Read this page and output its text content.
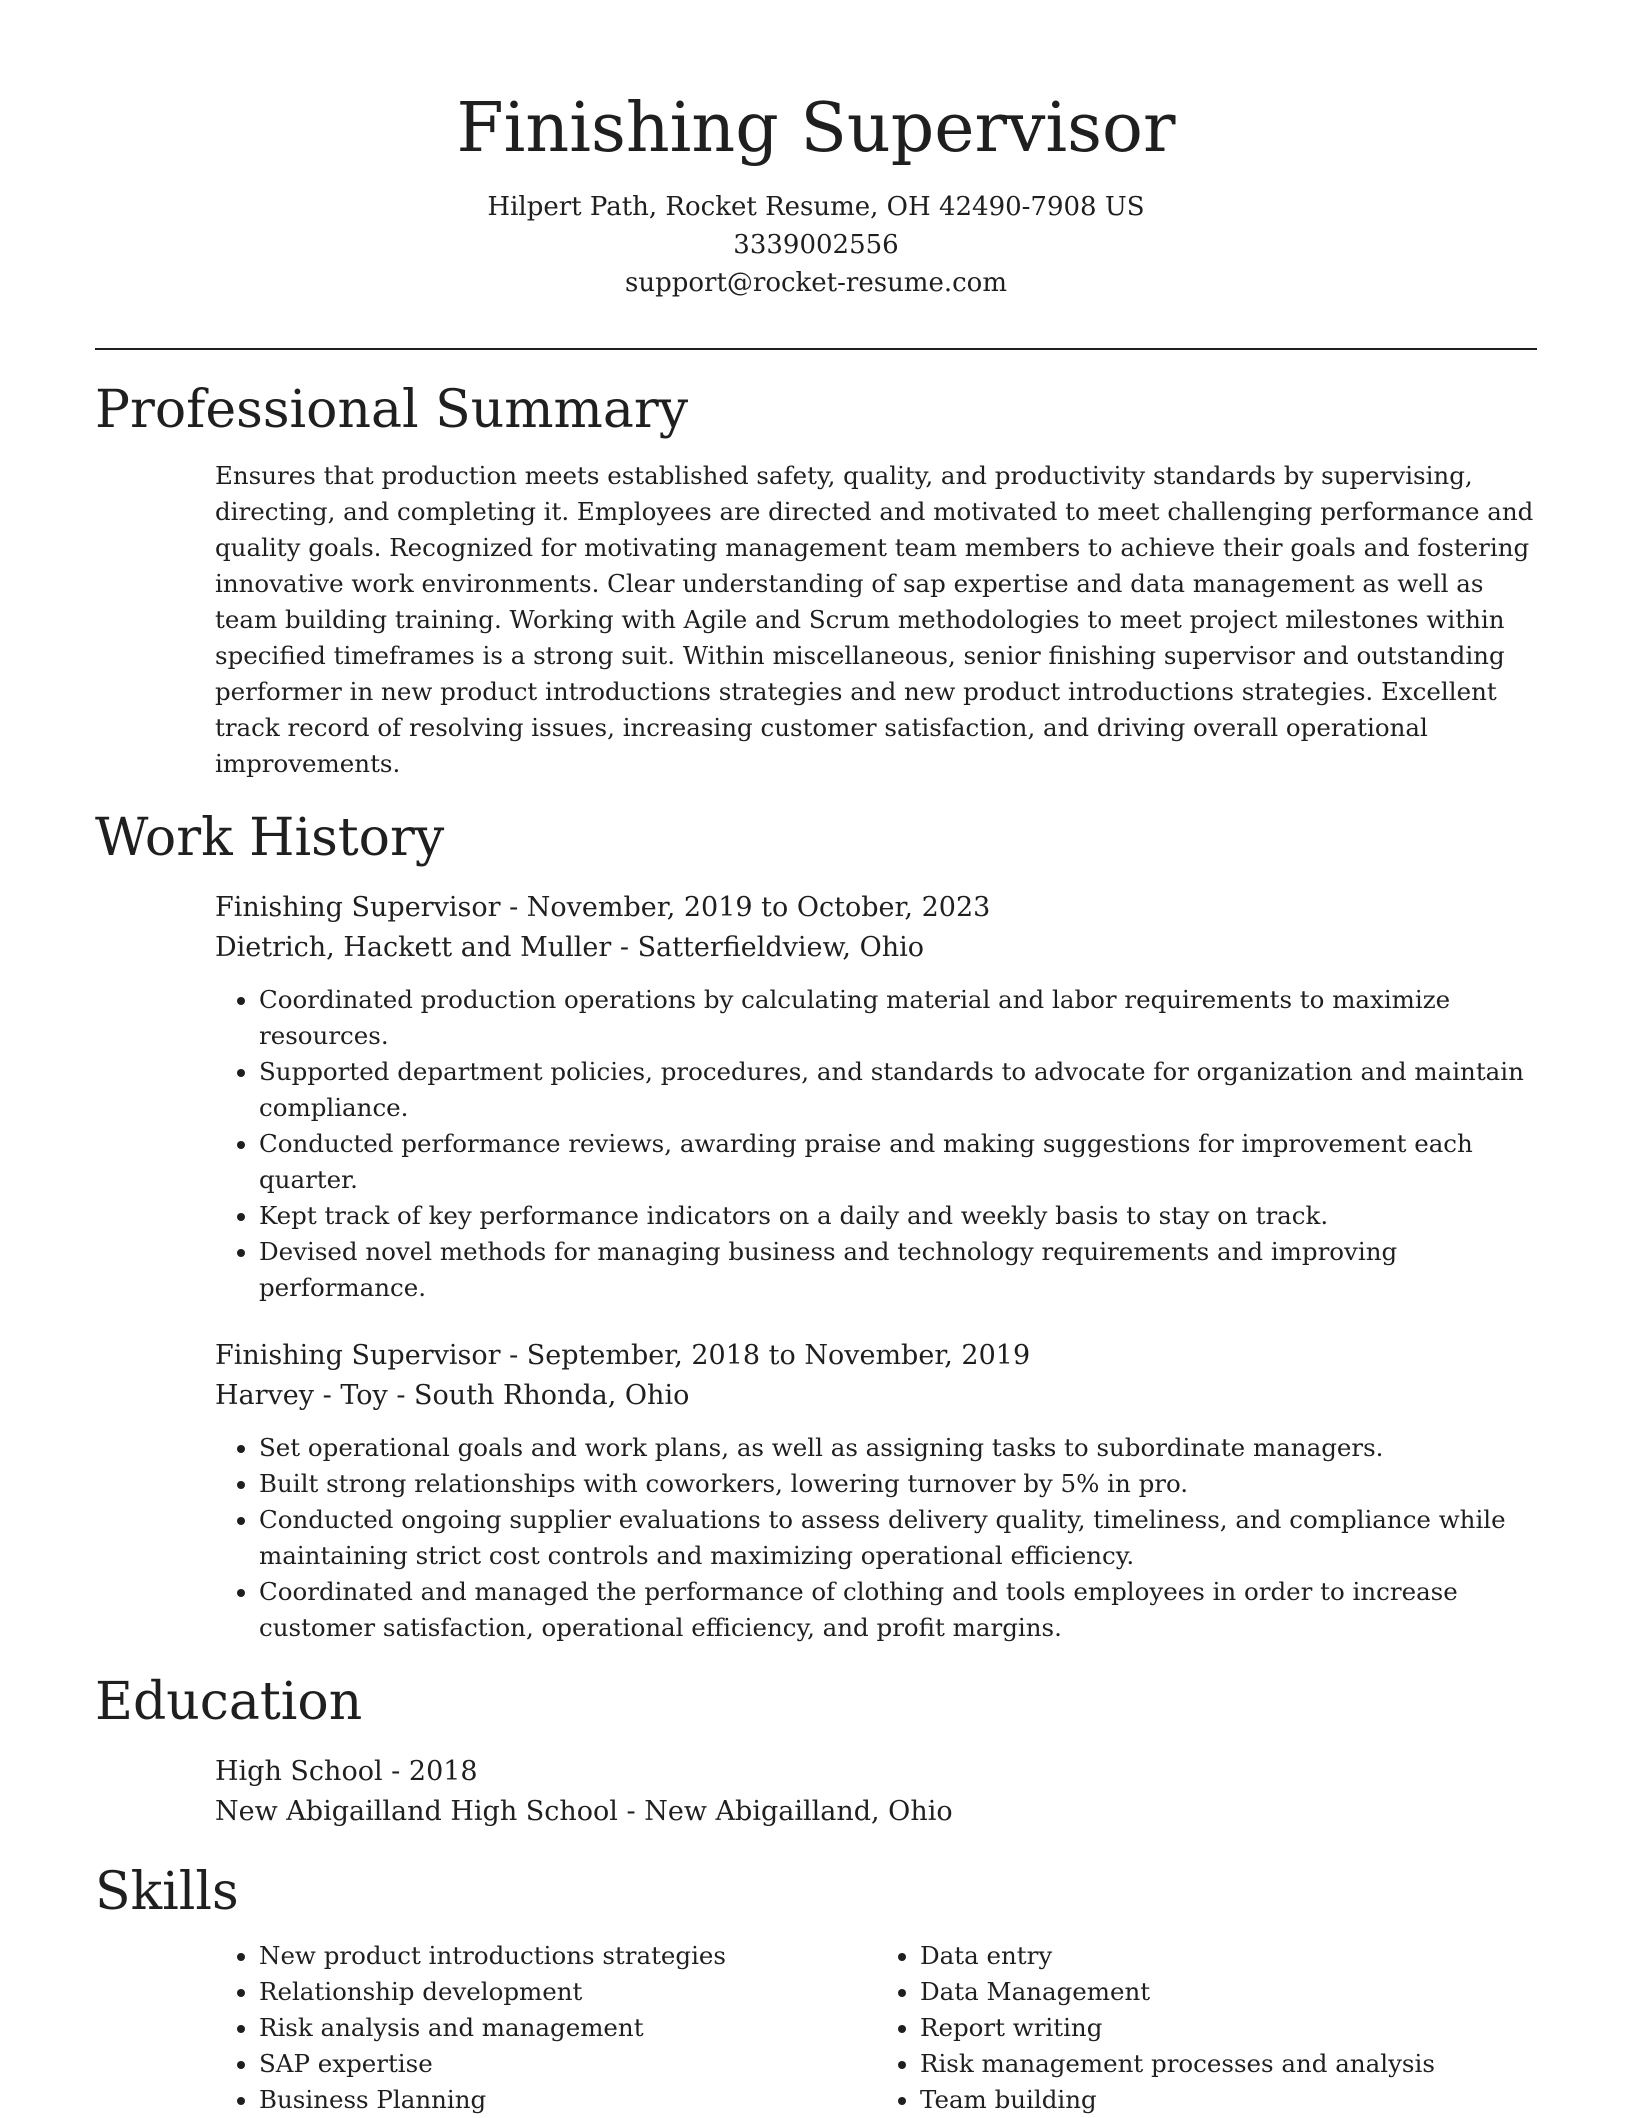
Finishing Supervisor

Hilpert Path, Rocket Resume, OH 42490-7908 US

3339002556

support@rocket-resume.com

Professional Summary

Ensures that production meets established safety, quality, and productivity standards by supervising, directing, and completing it. Employees are directed and motivated to meet challenging performance and quality goals. Recognized for motivating management team members to achieve their goals and fostering innovative work environments. Clear understanding of sap expertise and data management as well as team building training. Working with Agile and Scrum methodologies to meet project milestones within specified timeframes is a strong suit. Within miscellaneous, senior finishing supervisor and outstanding performer in new product introductions strategies and new product introductions strategies. Excellent track record of resolving issues, increasing customer satisfaction, and driving overall operational improvements.

Work History

Finishing Supervisor - November, 2019 to October, 2023

Dietrich, Hackett and Muller - Satterfieldview, Ohio

• Coordinated production operations by calculating material and labor requirements to maximize resources.
• Supported department policies, procedures, and standards to advocate for organization and maintain compliance.
• Conducted performance reviews, awarding praise and making suggestions for improvement each quarter.
• Kept track of key performance indicators on a daily and weekly basis to stay on track.
• Devised novel methods for managing business and technology requirements and improving performance.

Finishing Supervisor - September, 2018 to November, 2019

Harvey - Toy - South Rhonda, Ohio

• Set operational goals and work plans, as well as assigning tasks to subordinate managers.
• Built strong relationships with coworkers, lowering turnover by 5% in pro.
• Conducted ongoing supplier evaluations to assess delivery quality, timeliness, and compliance while maintaining strict cost controls and maximizing operational efficiency.
• Coordinated and managed the performance of clothing and tools employees in order to increase customer satisfaction, operational efficiency, and profit margins.
Education

High School - 2018

New Abigailland High School - New Abigailland, Ohio

Skills
• New product introductions strategies
• Relationship development
• Risk analysis and management
• SAP expertise
• Business Planning
• Data entry
• Data Management
• Report writing
• Risk management processes and analysis
• Team building
